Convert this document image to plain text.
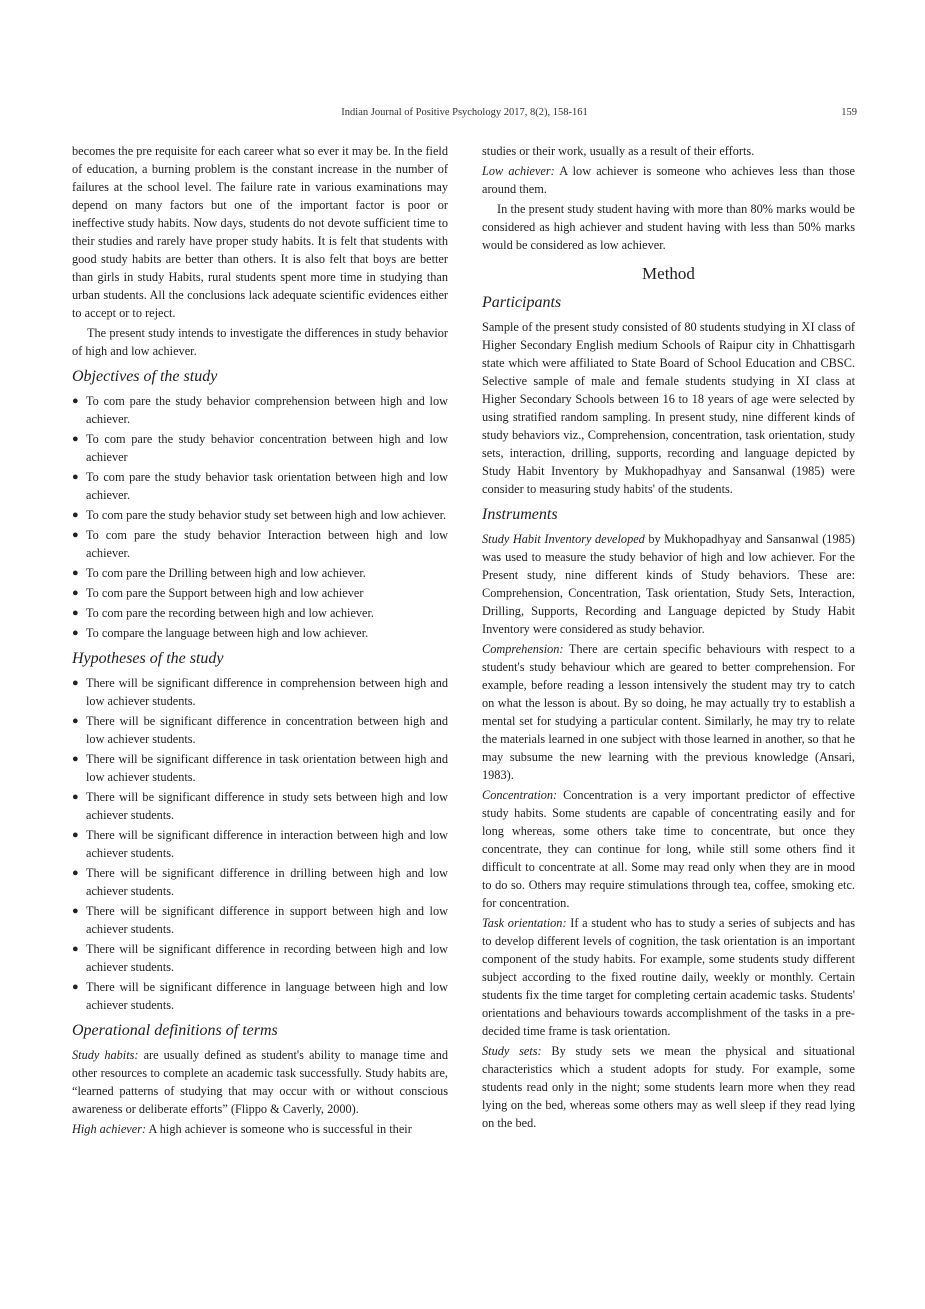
Indian Journal of Positive Psychology 2017, 8(2), 158-161	159

becomes the pre requisite for each career what so ever it may be. In the field of education, a burning problem is the constant increase in the number of failures at the school level. The failure rate in various examinations may depend on many factors but one of the important factor is poor or ineffective study habits. Now days, students do not devote sufficient time to their studies and rarely have proper study habits. It is felt that students with good study habits are better than others. It is also felt that boys are better than girls in study Habits, rural students spent more time in studying than urban students. All the conclusions lack adequate scientific evidences either to accept or to reject.

The present study intends to investigate the differences in study behavior of high and low achiever.

Objectives of the study
● To com pare the study behavior comprehension between high and low achiever.
● To com pare the study behavior concentration between high and low achiever
● To com pare the study behavior task orientation between high and low achiever.
● To com pare the study behavior study set between high and low achiever.
● To com pare the study behavior Interaction between high and low achiever.
● To com pare the Drilling between high and low achiever.
● To com pare the Support between high and low achiever
● To com pare the recording between high and low achiever.
● To compare the language between high and low achiever.
Hypotheses of the study
● There will be significant difference in comprehension between high and low achiever students.
● There will be significant difference in concentration between high and low achiever students.
● There will be significant difference in task orientation between high and low achiever students.
● There will be significant difference in study sets between high and low achiever students.
● There will be significant difference in interaction between high and low achiever students.
● There will be significant difference in drilling between high and low achiever students.
● There will be significant difference in support between high and low achiever students.
● There will be significant difference in recording between high and low achiever students.
● There will be significant difference in language between high and low achiever students.
Operational definitions of terms

Study habits: are usually defined as student's ability to manage time and other resources to complete an academic task successfully. Study habits are, “learned patterns of studying that may occur with or without conscious awareness or deliberate efforts” (Flippo & Caverly, 2000).

High achiever: A high achiever is someone who is successful in their

studies or their work, usually as a result of their efforts.

Low achiever: A low achiever is someone who achieves less than those around them.

In the present study student having with more than 80% marks would be considered as high achiever and student having with less than 50% marks would be considered as low achiever.

Method
Participants

Sample of the present study consisted of 80 students studying in XI class of Higher Secondary English medium Schools of Raipur city in Chhattisgarh state which were affiliated to State Board of School Education and CBSC. Selective sample of male and female students studying in XI class at Higher Secondary Schools between 16 to 18 years of age were selected by using stratified random sampling. In present study, nine different kinds of study behaviors viz., Comprehension, concentration, task orientation, study sets, interaction, drilling, supports, recording and language depicted by Study Habit Inventory by Mukhopadhyay and Sansanwal (1985) were consider to measuring study habits' of the students.

Instruments

Study Habit Inventory developed by Mukhopadhyay and Sansanwal (1985) was used to measure the study behavior of high and low achiever. For the Present study, nine different kinds of Study behaviors. These are: Comprehension, Concentration, Task orientation, Study Sets, Interaction, Drilling, Supports, Recording and Language depicted by Study Habit Inventory were considered as study behavior.

Comprehension: There are certain specific behaviours with respect to a student's study behaviour which are geared to better comprehension. For example, before reading a lesson intensively the student may try to catch on what the lesson is about. By so doing, he may actually try to establish a mental set for studying a particular content. Similarly, he may try to relate the materials learned in one subject with those learned in another, so that he may subsume the new learning with the previous knowledge (Ansari, 1983).

Concentration: Concentration is a very important predictor of effective study habits. Some students are capable of concentrating easily and for long whereas, some others take time to concentrate, but once they concentrate, they can continue for long, while still some others find it difficult to concentrate at all. Some may read only when they are in mood to do so. Others may require stimulations through tea, coffee, smoking etc. for concentration.

Task orientation: If a student who has to study a series of subjects and has to develop different levels of cognition, the task orientation is an important component of the study habits. For example, some students study different subject according to the fixed routine daily, weekly or monthly. Certain students fix the time target for completing certain academic tasks. Students' orientations and behaviours towards accomplishment of the tasks in a pre-decided time frame is task orientation.

Study sets: By study sets we mean the physical and situational characteristics which a student adopts for study. For example, some students read only in the night; some students learn more when they read lying on the bed, whereas some others may as well sleep if they read lying on the bed.
